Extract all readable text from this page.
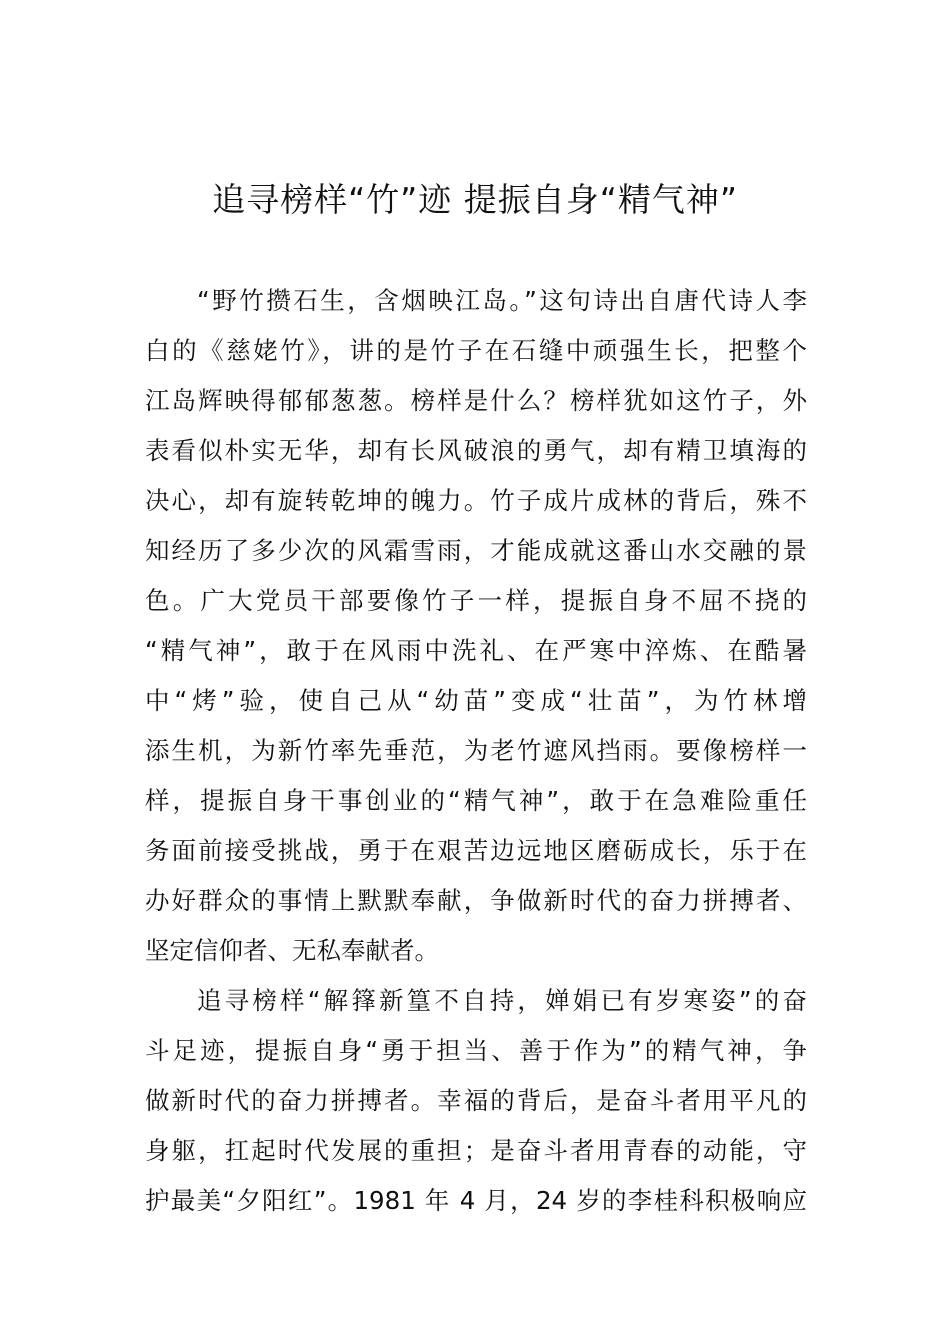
追寻榜样“竹”迹 提振自身“精气神”
“野竹攒石生，含烟映江岛。”这句诗出自唐代诗人李
白的《慈姥竹》，讲的是竹子在石缝中顽强生长，把整个
江岛辉映得郁郁葱葱。榜样是什么？榜样犹如这竹子，外
表看似朴实无华，却有长风破浪的勇气，却有精卫填海的
决心，却有旋转乾坤的魄力。竹子成片成林的背后，殊不
知经历了多少次的风霜雪雨，才能成就这番山水交融的景
色。广大党员干部要像竹子一样，提振自身不屈不挠的
“精气神”，敢于在风雨中洗礼、在严寒中淬炼、在酷暑
中“烤”验，使自己从“幼苗”变成“壮苗”，为竹林增
添生机，为新竹率先垂范，为老竹遮风挡雨。要像榜样一
样，提振自身干事创业的“精气神”，敢于在急难险重任
务面前接受挑战，勇于在艰苦边远地区磨砺成长，乐于在
办好群众的事情上默默奉献，争做新时代的奋力拼搏者、
坚定信仰者、无私奉献者。
追寻榜样“解箨新篁不自持，婵娟已有岁寒姿”的奋
斗足迹，提振自身“勇于担当、善于作为”的精气神，争
做新时代的奋力拼搏者。幸福的背后，是奋斗者用平凡的
身躯，扛起时代发展的重担；是奋斗者用青春的动能，守
护最美“夕阳红”。1981 年 4 月，24 岁的李桂科积极响应
